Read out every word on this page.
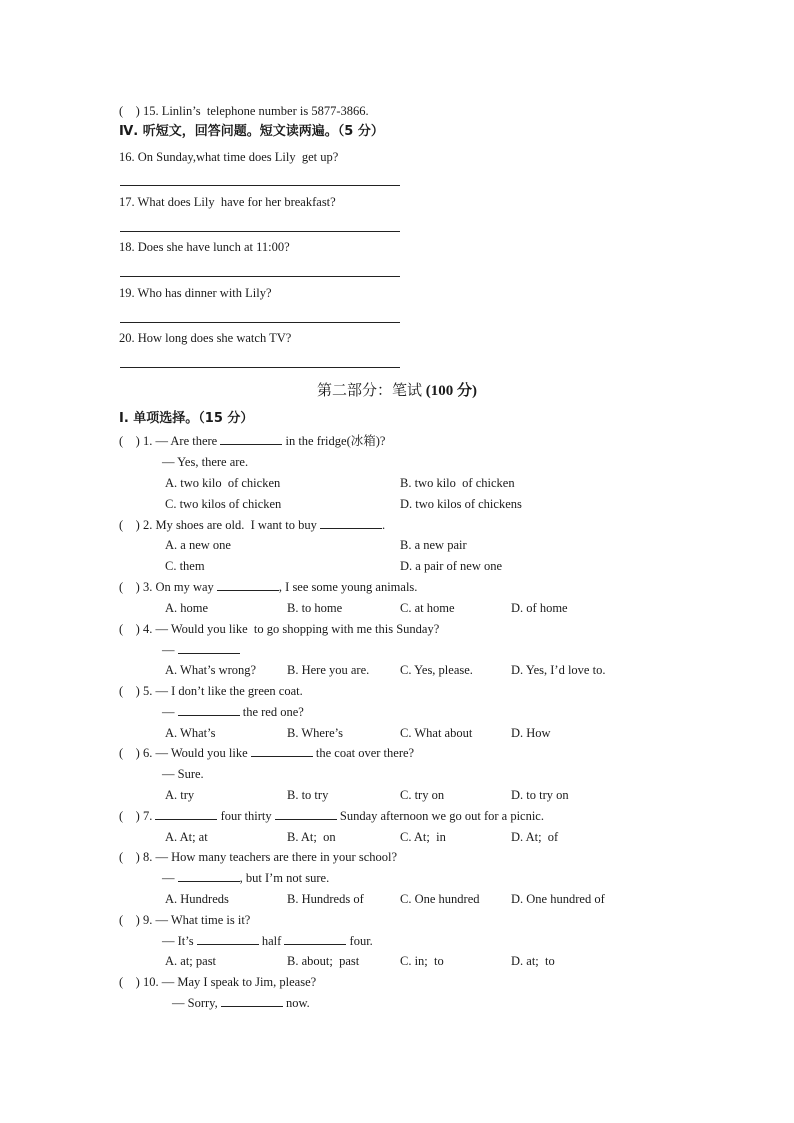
(    ) 15. Linlin’s  telephone number is 5877-3866.
Ⅳ. 听短文，回答问题。短文读两遍。（5 分）
16. On Sunday,what time does Lily  get up?
17. What does Lily  have for her breakfast?
18. Does she have lunch at 11:00?
19. Who has dinner with Lily?
20. How long does she watch TV?
第二部分：笔试 (100 分)
Ⅰ. 单项选择。（15 分）
(    ) 1. — Are there	in the fridge(冰箱)?
— Yes, there are.
A. two kilo  of chicken	B. two kilo  of chicken
C. two kilos of chicken	D. two kilos of chickens
(    ) 2. My shoes are old.  I want to buy	.
A. a new one	B. a new pair
C. them	D. a pair of new one
(    ) 3. On my way	, I see some young animals.
A. home	B. to home	C. at home	D. of home
(    ) 4. — Would you like  to go shopping with me this Sunday?
—
A. What’s wrong? B. Here you are. C. Yes, please.	D. Yes, I’d love to.
(    ) 5. — I don’t like the green coat.
—	the red one?
A. What’s	B. Where’s	C. What about	D. How
(    ) 6. — Would you like	the coat over there?
— Sure.
A. try	B. to try	C. try on	D. to try on
(    ) 7.	four thirty	Sunday afternoon we go out for a picnic.
A. At; at	B. At;  on	C. At;  in	D. At;  of
(    ) 8. — How many teachers are there in your school?
—	, but I’m not sure.
A. Hundreds	B. Hundreds of	C. One hundred	D. One hundred of
(    ) 9. — What time is it?
— It’s	half	four.
A. at; past	B. about;  past	C. in;  to	D. at;  to
(    ) 10. — May I speak to Jim, please?
— Sorry,	now.
